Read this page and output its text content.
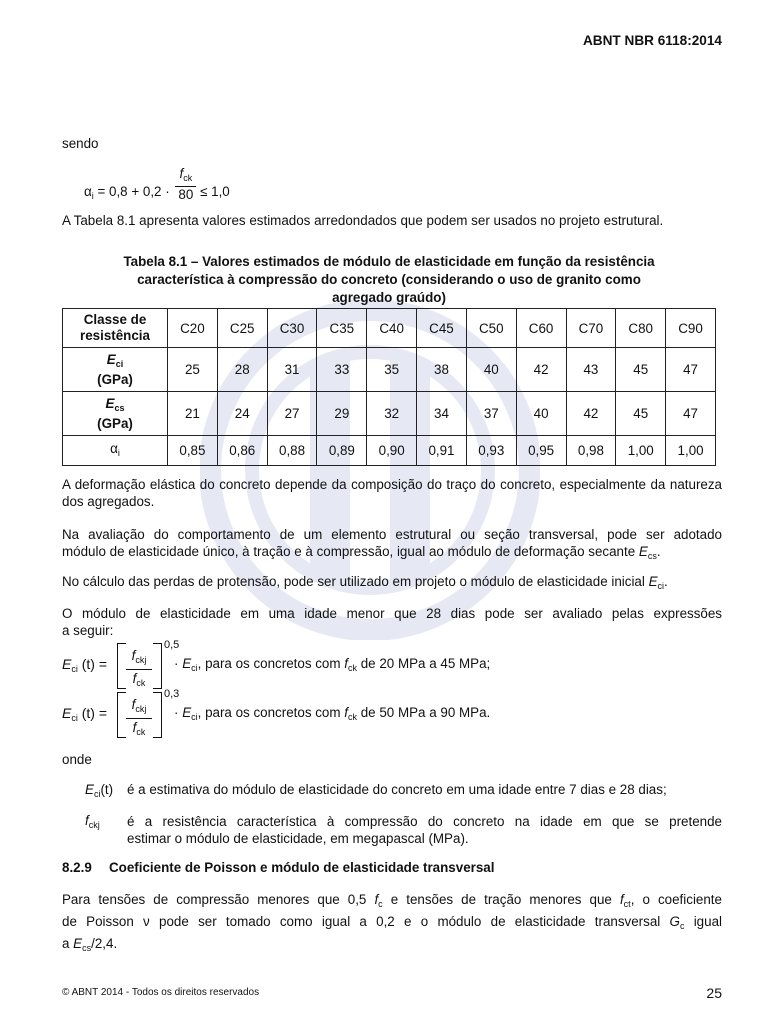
ABNT NBR 6118:2014
sendo
$\alpha_i = 0,8 + 0,2 \cdot \frac{f_{ck}}{80} \le 1,0$
A Tabela 8.1 apresenta valores estimados arredondados que podem ser usados no projeto estrutural.
Tabela 8.1 – Valores estimados de módulo de elasticidade em função da resistência
característica à compressão do concreto (considerando o uso de granito como
agregado graúdo)
Classe de
resistência	C20	C25	C30	C35	C40	C45	C50	C60	C70	C80	C90
$E_{ci}$
(GPa)	25	28	31	33	35	38	40	42	43	45	47
$E_{cs}$
(GPa)	21	24	27	29	32	34	37	40	42	45	47
$\alpha_i$	0,85	0,86	0,88	0,89	0,90	0,91	0,93	0,95	0,98	1,00	1,00
A deformação elástica do concreto depende da composição do traço do concreto, especialmente da natureza dos agregados.
Na avaliação do comportamento de um elemento estrutural ou seção transversal, pode ser adotado
módulo de elasticidade único, à tração e à compressão, igual ao módulo de deformação secante $E_{cs}$.
No cálculo das perdas de protensão, pode ser utilizado em projeto o módulo de elasticidade inicial $E_{ci}$.
O módulo de elasticidade em uma idade menor que 28 dias pode ser avaliado pelas expressões
a seguir:
$E_{ci}$ (t) =
$f_{ckj}$
$f_{ck}$
0,5
· $E_{ci}$, para os concretos com $f_{ck}$ de 20 MPa a 45 MPa;
$E_{ci}$ (t) =
$f_{ckj}$
$f_{ck}$
0,3
· $E_{ci}$, para os concretos com $f_{ck}$ de 50 MPa a 90 MPa.
onde
$E_{ci}(t)$ é a estimativa do módulo de elasticidade do concreto em uma idade entre 7 dias e 28 dias;
$f_{ckj}$ é a resistência característica à compressão do concreto na idade em que se pretende
estimar o módulo de elasticidade, em megapascal (MPa).
8.2.9 Coeficiente de Poisson e módulo de elasticidade transversal
Para tensões de compressão menores que 0,5 $f_c$ e tensões de tração menores que $f_{ct}$, o coeficiente
de Poisson ν pode ser tomado como igual a 0,2 e o módulo de elasticidade transversal $G_c$ igual
a $E_{cs}/2,4$.
© ABNT 2014 - Todos os direitos reservados	25
